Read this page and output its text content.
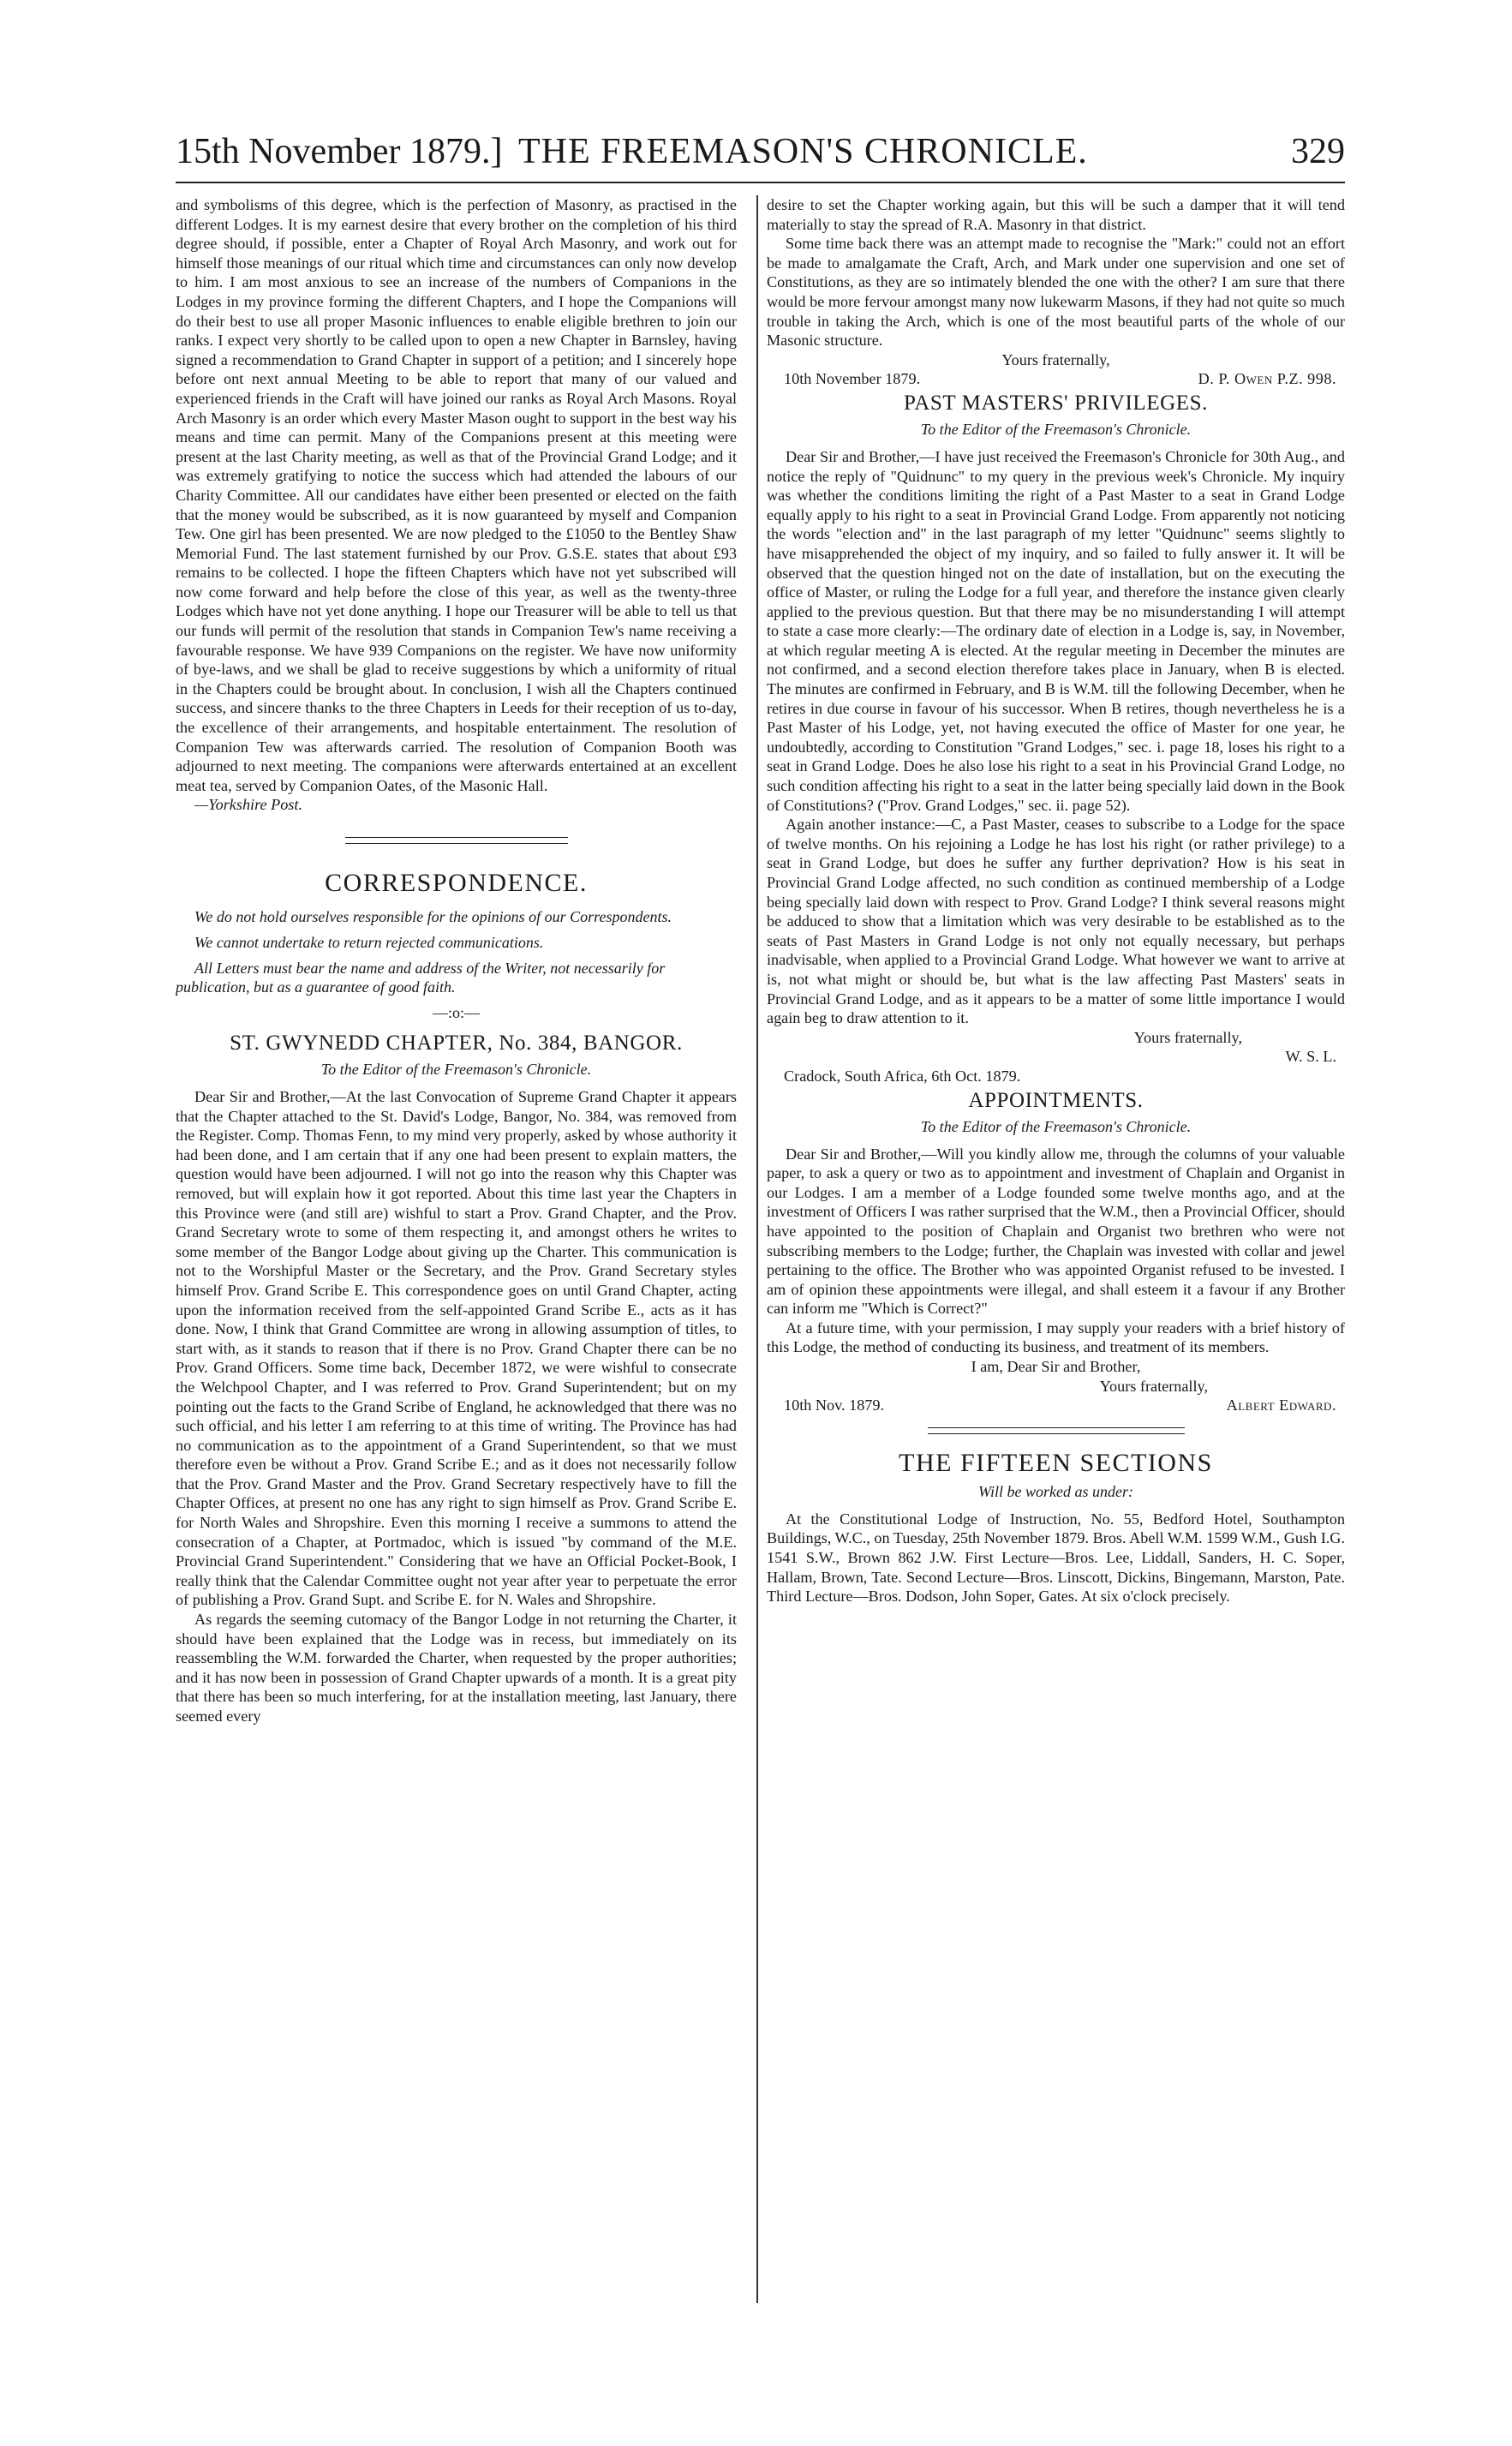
15th November 1879.] THE FREEMASON'S CHRONICLE.	329

and symbolisms of this degree, which is the perfection of Masonry, as practised in the different Lodges. It is my earnest desire that every brother on the completion of his third degree should, if possible, enter a Chapter of Royal Arch Masonry, and work out for himself those meanings of our ritual which time and circumstances can only now develop to him. I am most anxious to see an increase of the numbers of Companions in the Lodges in my province forming the different Chapters, and I hope the Companions will do their best to use all proper Masonic influences to enable eligible brethren to join our ranks. I expect very shortly to be called upon to open a new Chapter in Barnsley, having signed a recommendation to Grand Chapter in support of a petition; and I sincerely hope before ont next annual Meeting to be able to report that many of our valued and experienced friends in the Craft will have joined our ranks as Royal Arch Masons. Royal Arch Masonry is an order which every Master Mason ought to support in the best way his means and time can permit. Many of the Companions present at this meeting were present at the last Charity meeting, as well as that of the Provincial Grand Lodge; and it was extremely gratifying to notice the success which had attended the labours of our Charity Committee. All our candidates have either been presented or elected on the faith that the money would be subscribed, as it is now guaranteed by myself and Companion Tew. One girl has been presented. We are now pledged to the £1050 to the Bentley Shaw Memorial Fund. The last statement furnished by our Prov. G.S.E. states that about £93 remains to be collected. I hope the fifteen Chapters which have not yet subscribed will now come forward and help before the close of this year, as well as the twenty-three Lodges which have not yet done anything. I hope our Treasurer will be able to tell us that our funds will permit of the resolution that stands in Companion Tew's name receiving a favourable response. We have 939 Companions on the register. We have now uniformity of bye-laws, and we shall be glad to receive suggestions by which a uniformity of ritual in the Chapters could be brought about. In conclusion, I wish all the Chapters continued success, and sincere thanks to the three Chapters in Leeds for their reception of us to-day, the excellence of their arrangements, and hospitable entertainment. The resolution of Companion Tew was afterwards carried. The resolution of Companion Booth was adjourned to next meeting. The companions were afterwards entertained at an excellent meat tea, served by Companion Oates, of the Masonic Hall.

—Yorkshire Post.

CORRESPONDENCE.

We do not hold ourselves responsible for the opinions of our Correspondents.

We cannot undertake to return rejected communications.

All Letters must bear the name and address of the Writer, not necessarily for publication, but as a guarantee of good faith.

—:o:—
ST. GWYNEDD CHAPTER, No. 384, BANGOR.
To the Editor of the Freemason's Chronicle.

Dear Sir and Brother,—At the last Convocation of Supreme Grand Chapter it appears that the Chapter attached to the St. David's Lodge, Bangor, No. 384, was removed from the Register. Comp. Thomas Fenn, to my mind very properly, asked by whose authority it had been done, and I am certain that if any one had been present to explain matters, the question would have been adjourned. I will not go into the reason why this Chapter was removed, but will explain how it got reported. About this time last year the Chapters in this Province were (and still are) wishful to start a Prov. Grand Chapter, and the Prov. Grand Secretary wrote to some of them respecting it, and amongst others he writes to some member of the Bangor Lodge about giving up the Charter. This communication is not to the Worshipful Master or the Secretary, and the Prov. Grand Secretary styles himself Prov. Grand Scribe E. This correspondence goes on until Grand Chapter, acting upon the information received from the self-appointed Grand Scribe E., acts as it has done. Now, I think that Grand Committee are wrong in allowing assumption of titles, to start with, as it stands to reason that if there is no Prov. Grand Chapter there can be no Prov. Grand Officers. Some time back, December 1872, we were wishful to consecrate the Welchpool Chapter, and I was referred to Prov. Grand Superintendent; but on my pointing out the facts to the Grand Scribe of England, he acknowledged that there was no such official, and his letter I am referring to at this time of writing. The Province has had no communication as to the appointment of a Grand Superintendent, so that we must therefore even be without a Prov. Grand Scribe E.; and as it does not necessarily follow that the Prov. Grand Master and the Prov. Grand Secretary respectively have to fill the Chapter Offices, at present no one has any right to sign himself as Prov. Grand Scribe E. for North Wales and Shropshire. Even this morning I receive a summons to attend the consecration of a Chapter, at Portmadoc, which is issued "by command of the M.E. Provincial Grand Superintendent." Considering that we have an Official Pocket-Book, I really think that the Calendar Committee ought not year after year to perpetuate the error of publishing a Prov. Grand Supt. and Scribe E. for N. Wales and Shropshire.

As regards the seeming cutomacy of the Bangor Lodge in not returning the Charter, it should have been explained that the Lodge was in recess, but immediately on its reassembling the W.M. forwarded the Charter, when requested by the proper authorities; and it has now been in possession of Grand Chapter upwards of a month. It is a great pity that there has been so much interfering, for at the installation meeting, last January, there seemed every

desire to set the Chapter working again, but this will be such a damper that it will tend materially to stay the spread of R.A. Masonry in that district.

Some time back there was an attempt made to recognise the "Mark:" could not an effort be made to amalgamate the Craft, Arch, and Mark under one supervision and one set of Constitutions, as they are so intimately blended the one with the other? I am sure that there would be more fervour amongst many now lukewarm Masons, if they had not quite so much trouble in taking the Arch, which is one of the most beautiful parts of the whole of our Masonic structure.

Yours fraternally,

10th November 1879.	D. P. Owen P.Z. 998.
PAST MASTERS' PRIVILEGES.
To the Editor of the Freemason's Chronicle.

Dear Sir and Brother,—I have just received the Freemason's Chronicle for 30th Aug., and notice the reply of "Quidnunc" to my query in the previous week's Chronicle. My inquiry was whether the conditions limiting the right of a Past Master to a seat in Grand Lodge equally apply to his right to a seat in Provincial Grand Lodge. From apparently not noticing the words "election and" in the last paragraph of my letter "Quidnunc" seems slightly to have misapprehended the object of my inquiry, and so failed to fully answer it. It will be observed that the question hinged not on the date of installation, but on the executing the office of Master, or ruling the Lodge for a full year, and therefore the instance given clearly applied to the previous question. But that there may be no misunderstanding I will attempt to state a case more clearly:—The ordinary date of election in a Lodge is, say, in November, at which regular meeting A is elected. At the regular meeting in December the minutes are not confirmed, and a second election therefore takes place in January, when B is elected. The minutes are confirmed in February, and B is W.M. till the following December, when he retires in due course in favour of his successor. When B retires, though nevertheless he is a Past Master of his Lodge, yet, not having executed the office of Master for one year, he undoubtedly, according to Constitution "Grand Lodges," sec. i. page 18, loses his right to a seat in Grand Lodge. Does he also lose his right to a seat in his Provincial Grand Lodge, no such condition affecting his right to a seat in the latter being specially laid down in the Book of Constitutions? ("Prov. Grand Lodges," sec. ii. page 52).

Again another instance:—C, a Past Master, ceases to subscribe to a Lodge for the space of twelve months. On his rejoining a Lodge he has lost his right (or rather privilege) to a seat in Grand Lodge, but does he suffer any further deprivation? How is his seat in Provincial Grand Lodge affected, no such condition as continued membership of a Lodge being specially laid down with respect to Prov. Grand Lodge? I think several reasons might be adduced to show that a limitation which was very desirable to be established as to the seats of Past Masters in Grand Lodge is not only not equally necessary, but perhaps inadvisable, when applied to a Provincial Grand Lodge. What however we want to arrive at is, not what might or should be, but what is the law affecting Past Masters' seats in Provincial Grand Lodge, and as it appears to be a matter of some little importance I would again beg to draw attention to it.

Yours fraternally,

W. S. L.

Cradock, South Africa, 6th Oct. 1879.

APPOINTMENTS.
To the Editor of the Freemason's Chronicle.

Dear Sir and Brother,—Will you kindly allow me, through the columns of your valuable paper, to ask a query or two as to appointment and investment of Chaplain and Organist in our Lodges. I am a member of a Lodge founded some twelve months ago, and at the investment of Officers I was rather surprised that the W.M., then a Provincial Officer, should have appointed to the position of Chaplain and Organist two brethren who were not subscribing members to the Lodge; further, the Chaplain was invested with collar and jewel pertaining to the office. The Brother who was appointed Organist refused to be invested. I am of opinion these appointments were illegal, and shall esteem it a favour if any Brother can inform me "Which is Correct?"

At a future time, with your permission, I may supply your readers with a brief history of this Lodge, the method of conducting its business, and treatment of its members.

I am, Dear Sir and Brother,

Yours fraternally,

10th Nov. 1879.	Albert Edward.
THE FIFTEEN SECTIONS
Will be worked as under:

At the Constitutional Lodge of Instruction, No. 55, Bedford Hotel, Southampton Buildings, W.C., on Tuesday, 25th November 1879. Bros. Abell W.M. 1599 W.M., Gush I.G. 1541 S.W., Brown 862 J.W. First Lecture—Bros. Lee, Liddall, Sanders, H. C. Soper, Hallam, Brown, Tate. Second Lecture—Bros. Linscott, Dickins, Bingemann, Marston, Pate. Third Lecture—Bros. Dodson, John Soper, Gates. At six o'clock precisely.
